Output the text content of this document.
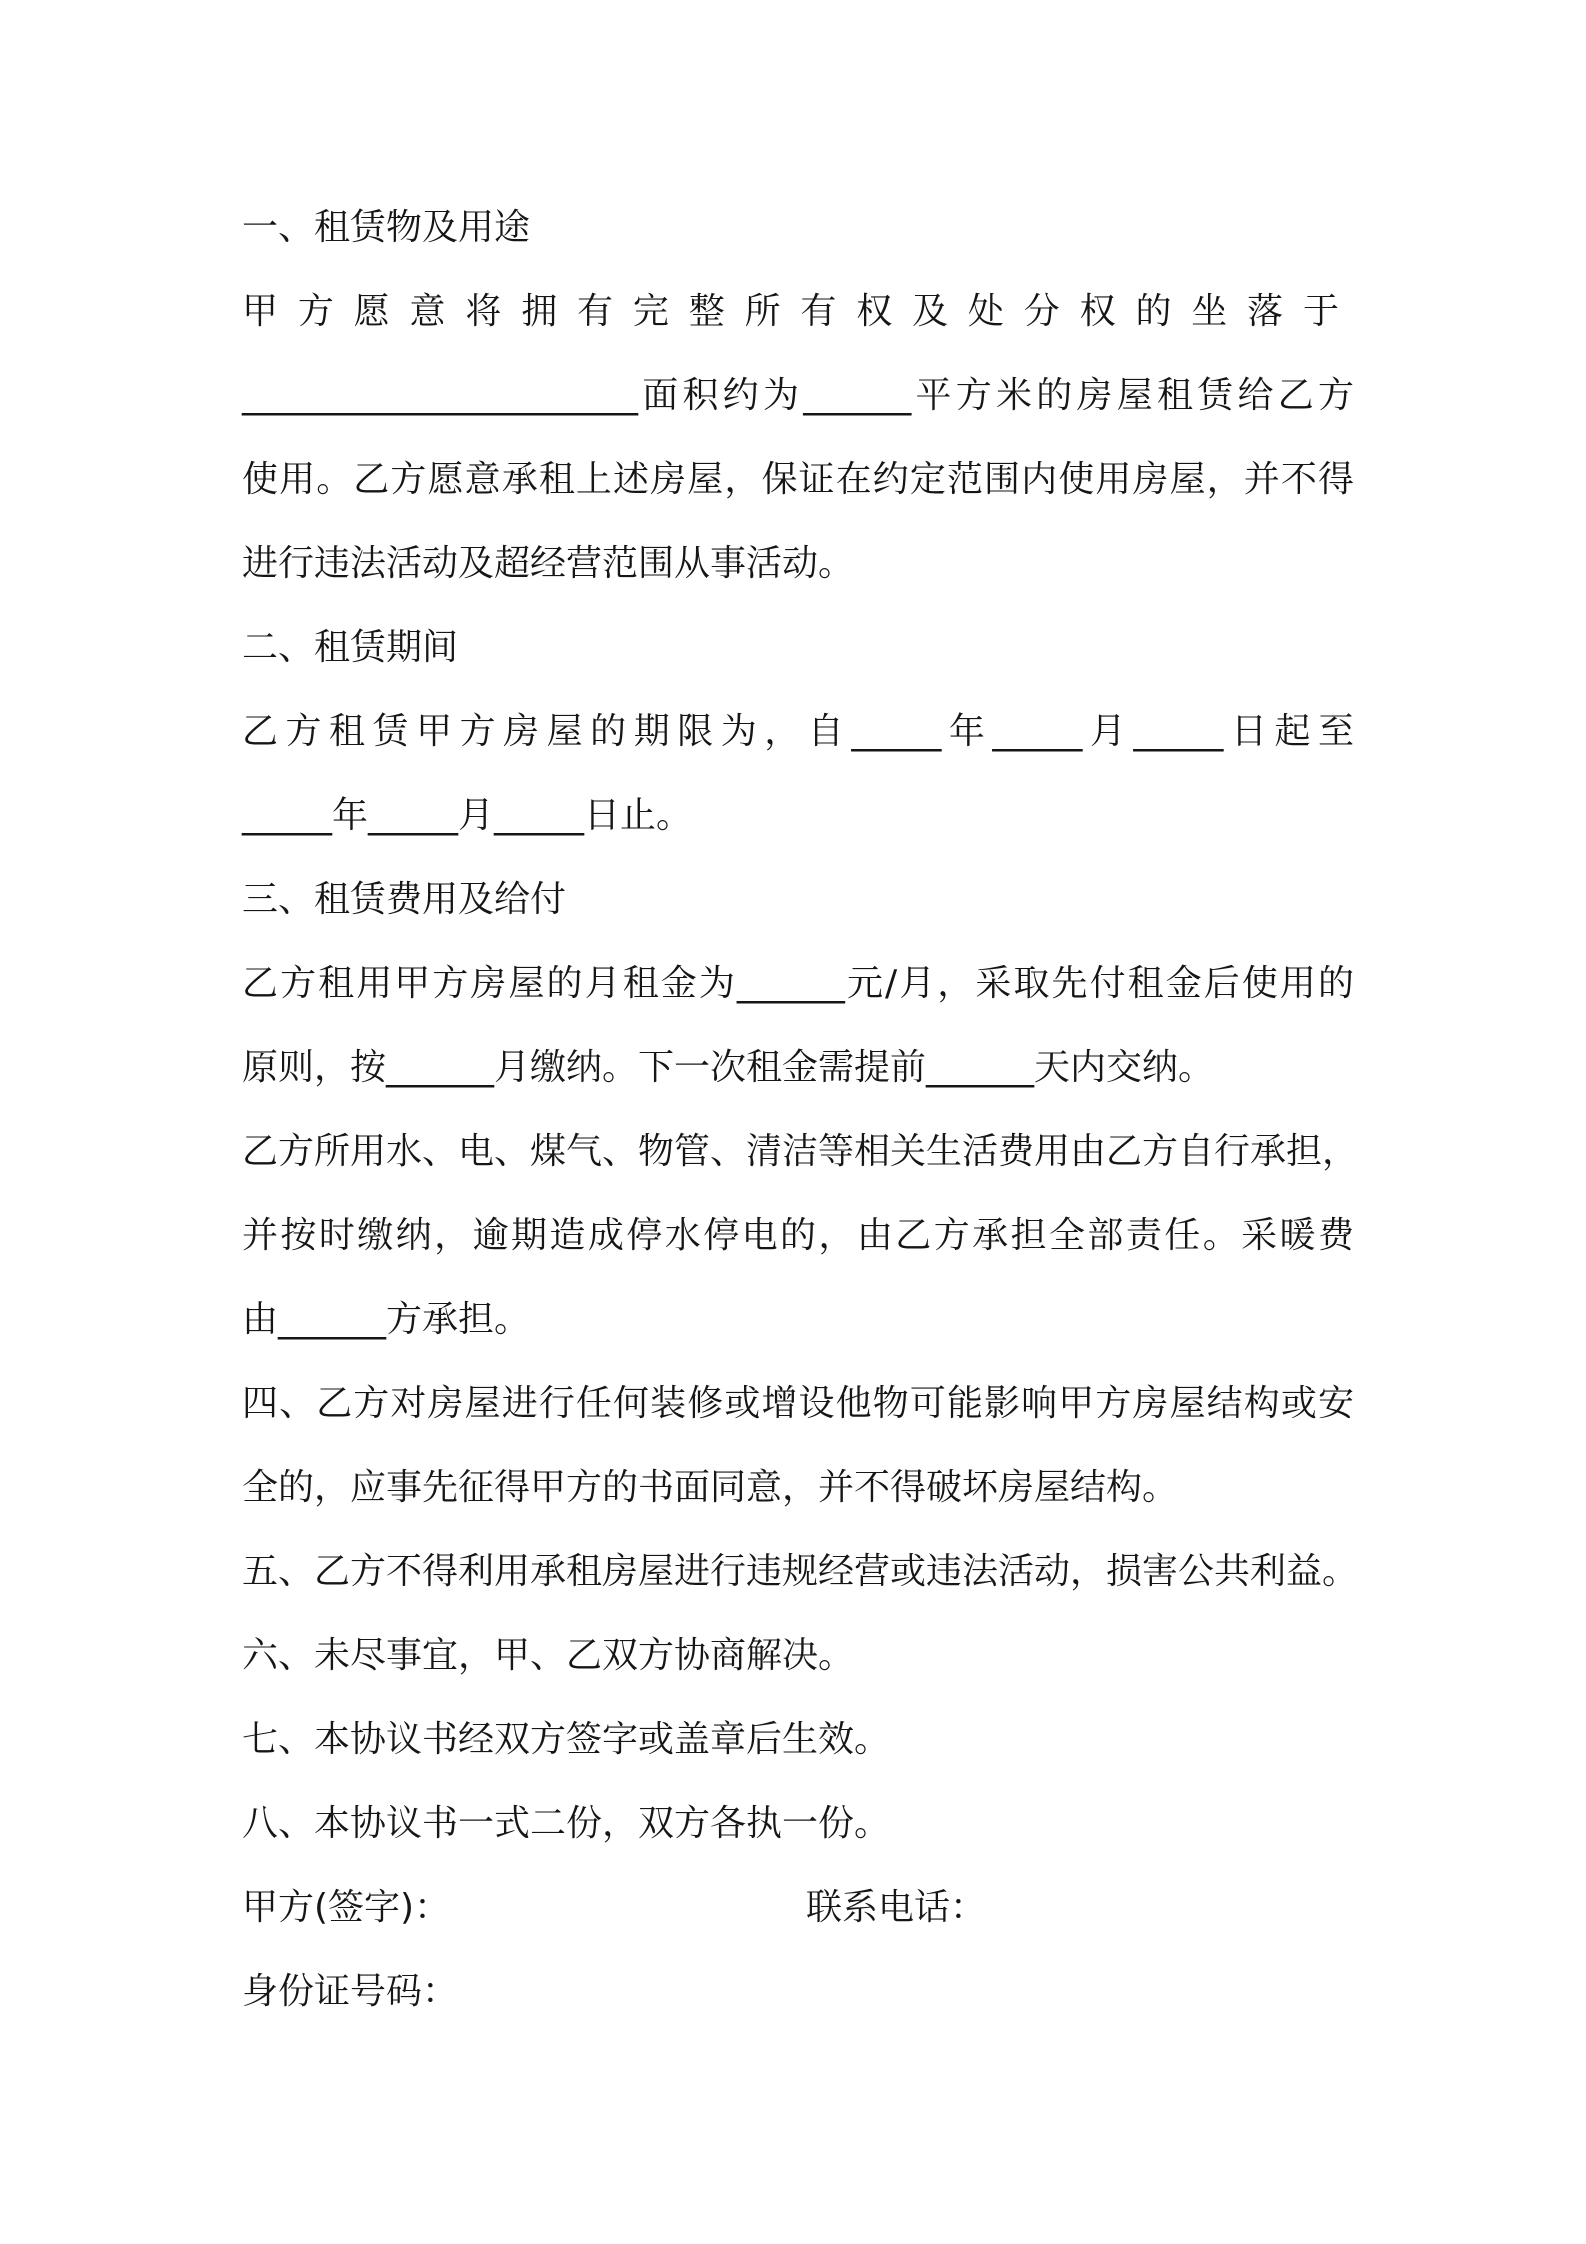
一、租赁物及用途
甲方愿意将拥有完整所有权及处分权的坐落于
______________________面积约为______平方米的房屋租赁给乙方
使用。乙方愿意承租上述房屋，保证在约定范围内使用房屋，并不得
进行违法活动及超经营范围从事活动。
二、租赁期间
乙方租赁甲方房屋的期限为，自_____年_____月_____日起至
_____年_____月_____日止。
三、租赁费用及给付
乙方租用甲方房屋的月租金为______元/月，采取先付租金后使用的
原则，按______月缴纳。下一次租金需提前______天内交纳。
乙方所用水、电、煤气、物管、清洁等相关生活费用由乙方自行承担，
并按时缴纳，逾期造成停水停电的，由乙方承担全部责任。采暖费
由______方承担。
四、乙方对房屋进行任何装修或增设他物可能影响甲方房屋结构或安
全的，应事先征得甲方的书面同意，并不得破坏房屋结构。
五、乙方不得利用承租房屋进行违规经营或违法活动，损害公共利益。
六、未尽事宜，甲、乙双方协商解决。
七、本协议书经双方签字或盖章后生效。
八、本协议书一式二份，双方各执一份。
甲方(签字)：	联系电话：
身份证号码：
